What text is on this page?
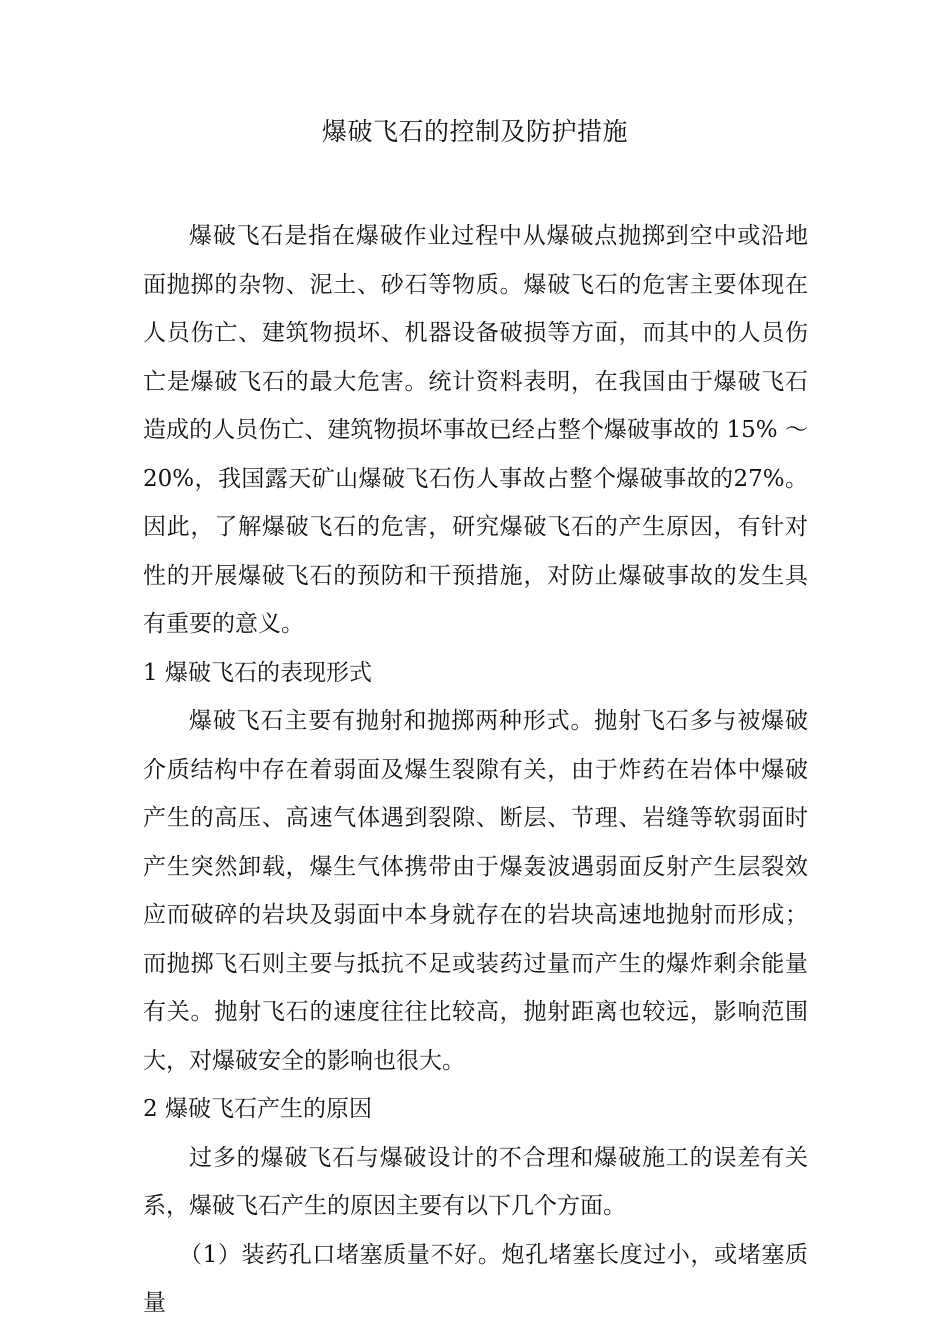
爆破飞石的控制及防护措施

爆破飞石是指在爆破作业过程中从爆破点抛掷到空中或沿地面抛掷的杂物、泥土、砂石等物质。爆破飞石的危害主要体现在人员伤亡、建筑物损坏、机器设备破损等方面，而其中的人员伤亡是爆破飞石的最大危害。统计资料表明，在我国由于爆破飞石造成的人员伤亡、建筑物损坏事故已经占整个爆破事故的 15% ～ 20%，我国露天矿山爆破飞石伤人事故占整个爆破事故的27%。因此，了解爆破飞石的危害，研究爆破飞石的产生原因，有针对性的开展爆破飞石的预防和干预措施，对防止爆破事故的发生具有重要的意义。

1 爆破飞石的表现形式

爆破飞石主要有抛射和抛掷两种形式。抛射飞石多与被爆破介质结构中存在着弱面及爆生裂隙有关，由于炸药在岩体中爆破产生的高压、高速气体遇到裂隙、断层、节理、岩缝等软弱面时产生突然卸载，爆生气体携带由于爆轰波遇弱面反射产生层裂效应而破碎的岩块及弱面中本身就存在的岩块高速地抛射而形成；而抛掷飞石则主要与抵抗不足或装药过量而产生的爆炸剩余能量有关。抛射飞石的速度往往比较高，抛射距离也较远，影响范围大，对爆破安全的影响也很大。

2 爆破飞石产生的原因

过多的爆破飞石与爆破设计的不合理和爆破施工的误差有关系，爆破飞石产生的原因主要有以下几个方面。

（1）装药孔口堵塞质量不好。炮孔堵塞长度过小，或堵塞质量
